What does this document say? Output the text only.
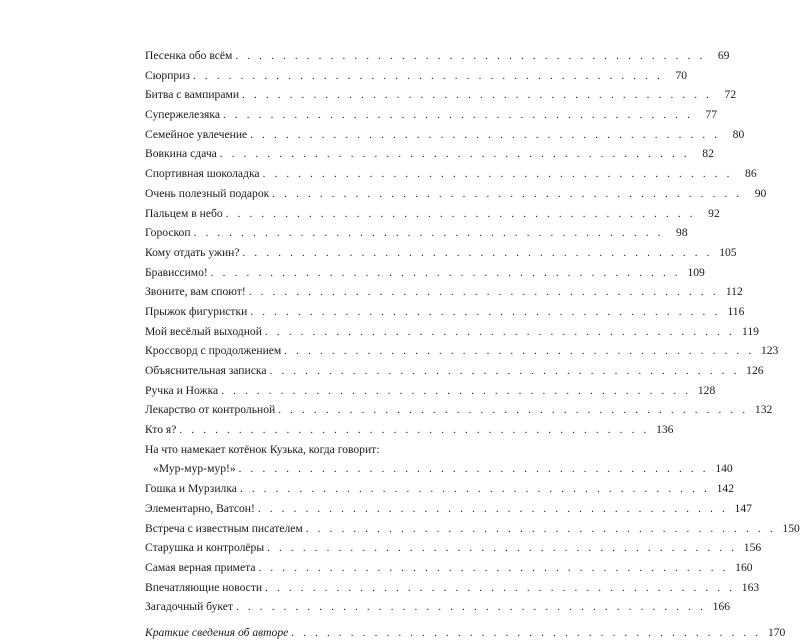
Песенка обо всём . . . . . . . . . . . . . . . . . . . . . . . . . . . . . . . . . . . . . . . .	69
Сюрприз . . . . . . . . . . . . . . . . . . . . . . . . . . . . . . . . . . . . . . . .	70
Битва с вампирами . . . . . . . . . . . . . . . . . . . . . . . . . . . . . . . . . . . . . . . .	72
Супержелезяка . . . . . . . . . . . . . . . . . . . . . . . . . . . . . . . . . . . . . . . .	77
Семейное увлечение . . . . . . . . . . . . . . . . . . . . . . . . . . . . . . . . . . . . . . . .	80
Вовкина сдача . . . . . . . . . . . . . . . . . . . . . . . . . . . . . . . . . . . . . . . .	82
Спортивная шоколадка . . . . . . . . . . . . . . . . . . . . . . . . . . . . . . . . . . . . . . . .	86
Очень полезный подарок . . . . . . . . . . . . . . . . . . . . . . . . . . . . . . . . . . . . . . . .	90
Пальцем в небо . . . . . . . . . . . . . . . . . . . . . . . . . . . . . . . . . . . . . . . .	92
Гороскоп . . . . . . . . . . . . . . . . . . . . . . . . . . . . . . . . . . . . . . . .	98
Кому отдать ужин? . . . . . . . . . . . . . . . . . . . . . . . . . . . . . . . . . . . . . . . . 105
Брависсимо! . . . . . . . . . . . . . . . . . . . . . . . . . . . . . . . . . . . . . . . . 109
Звоните, вам споют! . . . . . . . . . . . . . . . . . . . . . . . . . . . . . . . . . . . . . . . . 112
Прыжок фигуристки . . . . . . . . . . . . . . . . . . . . . . . . . . . . . . . . . . . . . . . . 116
Мой весёлый выходной . . . . . . . . . . . . . . . . . . . . . . . . . . . . . . . . . . . . . . . . 119
Кроссворд с продолжением . . . . . . . . . . . . . . . . . . . . . . . . . . . . . . . . . . . . . . . . 123
Объяснительная записка . . . . . . . . . . . . . . . . . . . . . . . . . . . . . . . . . . . . . . . . 126
Ручка и Ножка . . . . . . . . . . . . . . . . . . . . . . . . . . . . . . . . . . . . . . . . 128
Лекарство от контрольной . . . . . . . . . . . . . . . . . . . . . . . . . . . . . . . . . . . . . . . . 132
Кто я? . . . . . . . . . . . . . . . . . . . . . . . . . . . . . . . . . . . . . . . . 136
На что намекает котёнок Кузька, когда говорит:
«Мур-мур-мур!» . . . . . . . . . . . . . . . . . . . . . . . . . . . . . . . . . . . . . . . . 140
Гошка и Мурзилка . . . . . . . . . . . . . . . . . . . . . . . . . . . . . . . . . . . . . . . . 142
Элементарно, Ватсон! . . . . . . . . . . . . . . . . . . . . . . . . . . . . . . . . . . . . . . . . 147
Встреча с известным писателем . . . . . . . . . . . . . . . . . . . . . . . . . . . . . . . . . . . . . . . . 150
Старушка и контролёры . . . . . . . . . . . . . . . . . . . . . . . . . . . . . . . . . . . . . . . . 156
Самая верная примета . . . . . . . . . . . . . . . . . . . . . . . . . . . . . . . . . . . . . . . . 160
Впечатляющие новости . . . . . . . . . . . . . . . . . . . . . . . . . . . . . . . . . . . . . . . . 163
Загадочный букет . . . . . . . . . . . . . . . . . . . . . . . . . . . . . . . . . . . . . . . . 166
Краткие сведения об авторе . . . . . . . . . . . . . . . . . . . . . . . . . . . . . . . . . . . . . . . . 170
